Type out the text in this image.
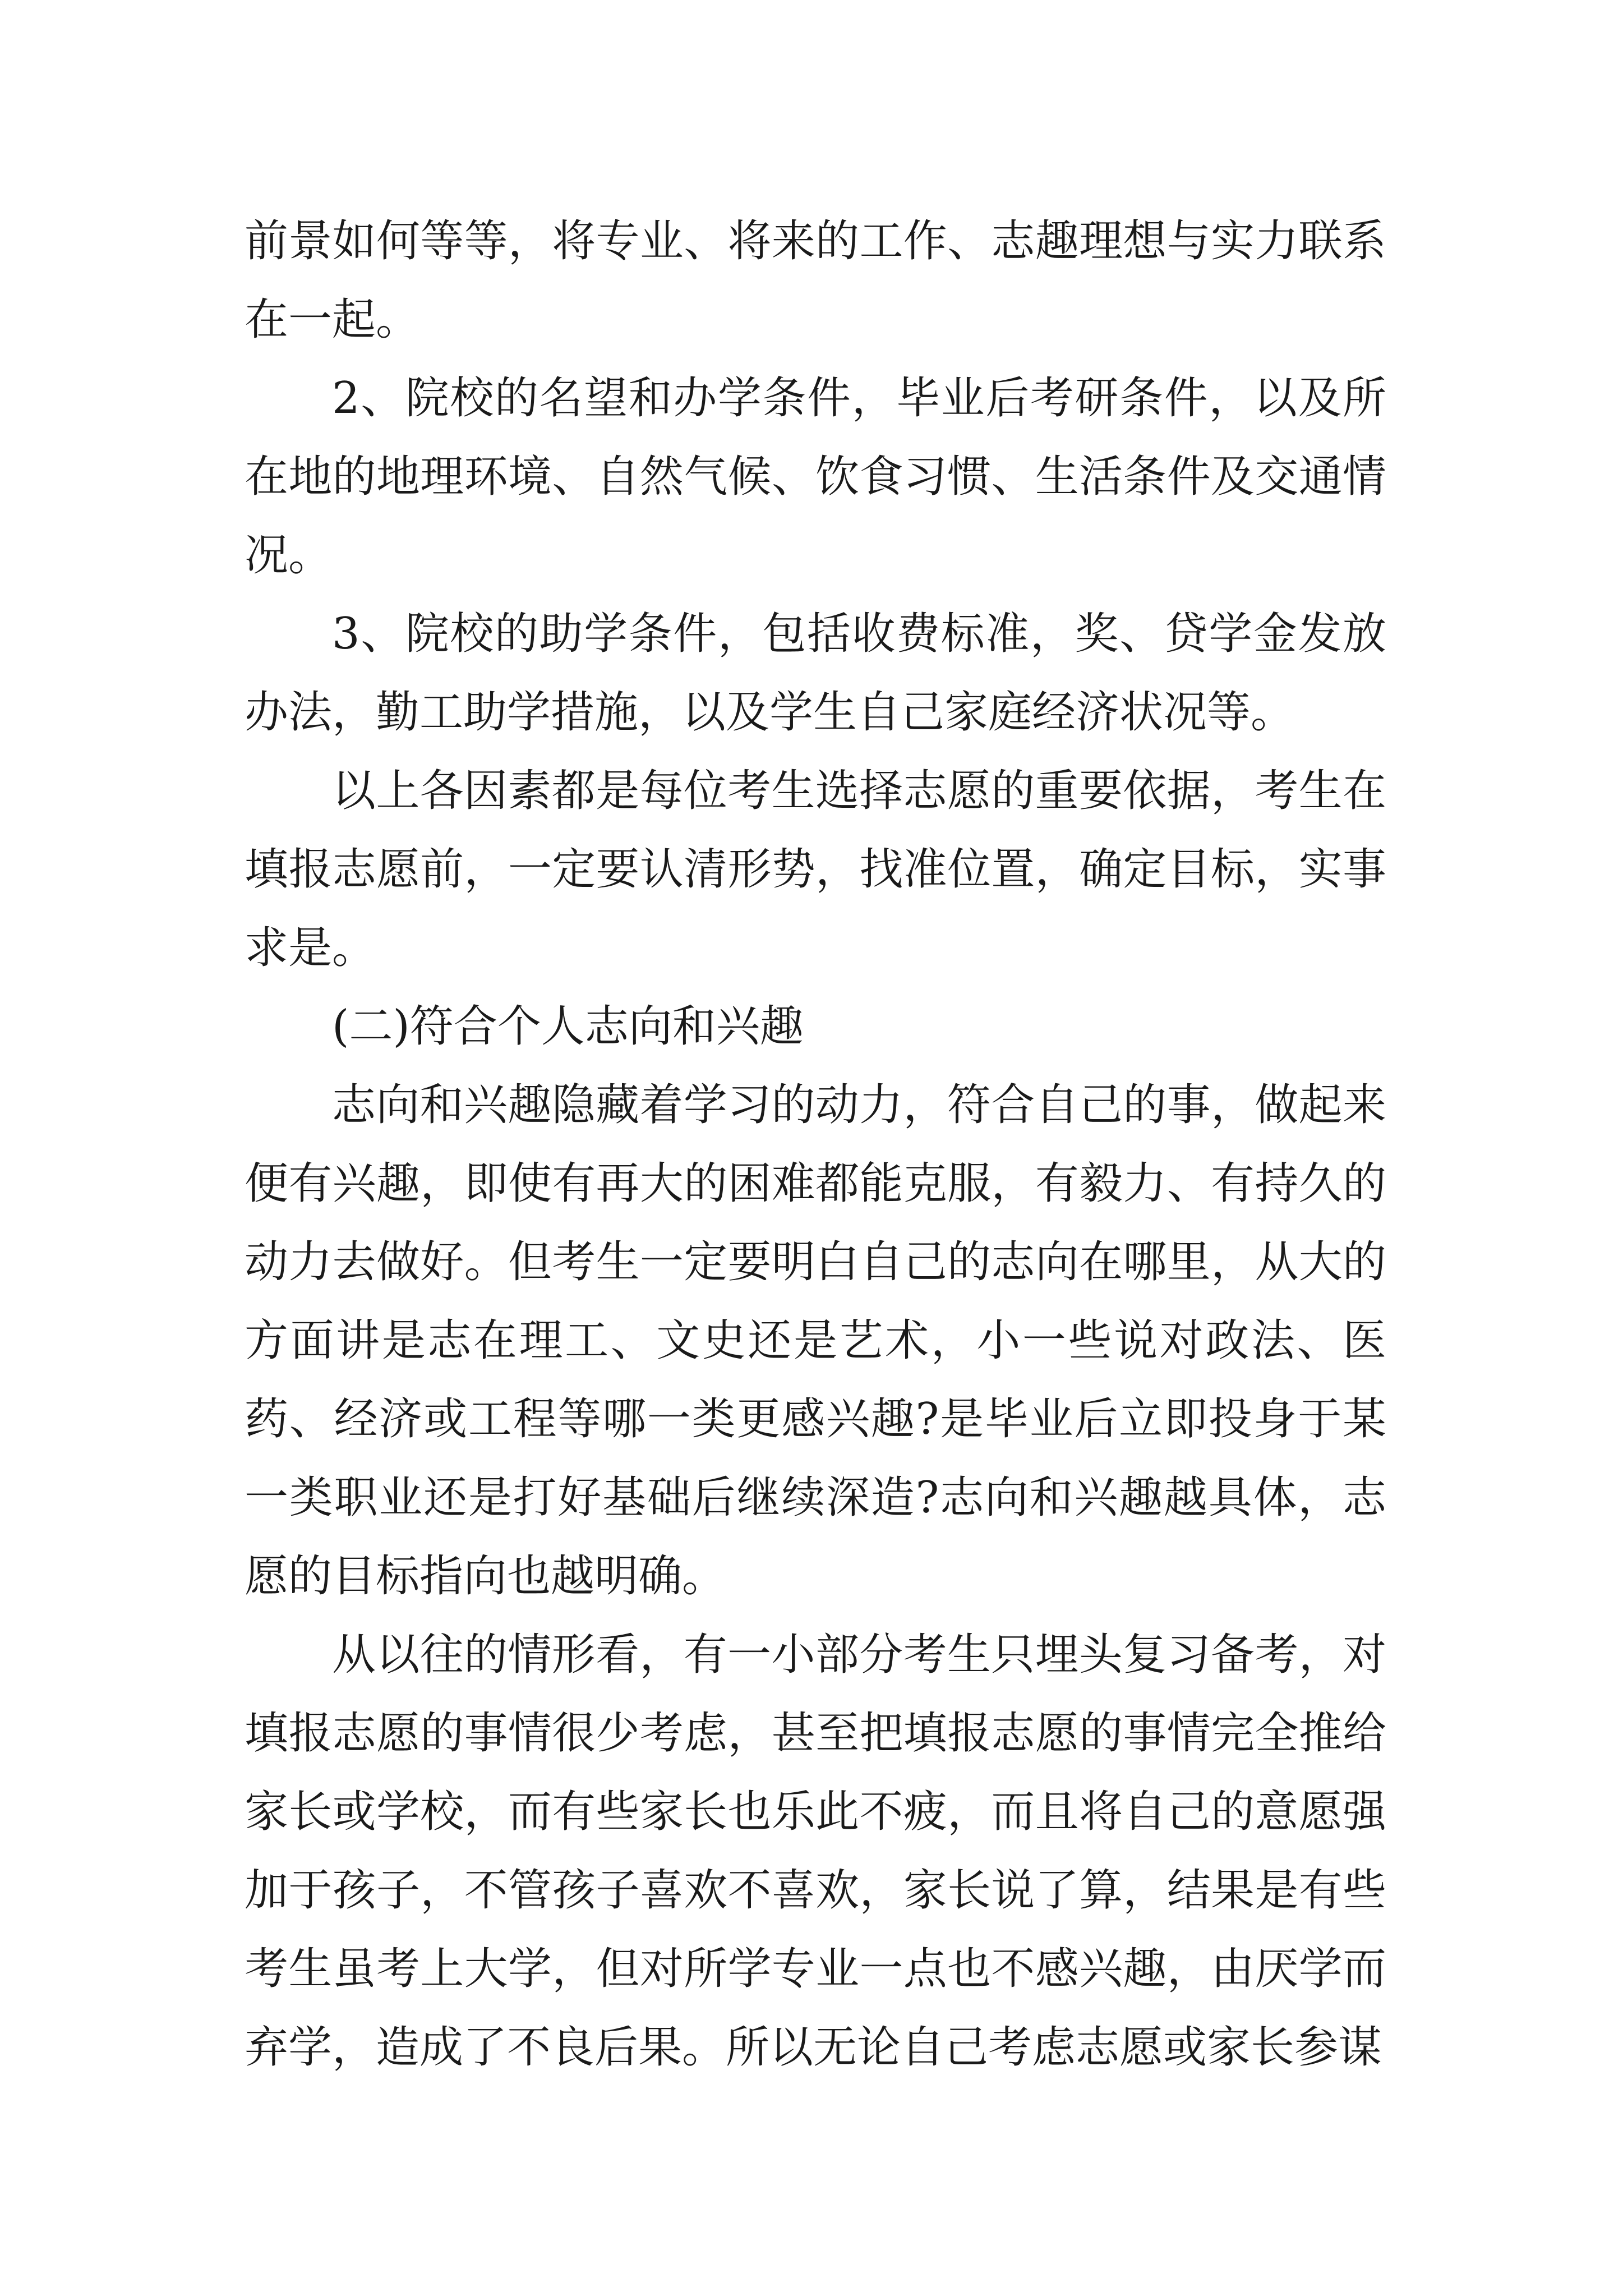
前景如何等等，将专业、将来的工作、志趣理想与实力联系在一起。

2、院校的名望和办学条件，毕业后考研条件，以及所在地的地理环境、自然气候、饮食习惯、生活条件及交通情况。

3、院校的助学条件，包括收费标准，奖、贷学金发放办法，勤工助学措施，以及学生自己家庭经济状况等。

以上各因素都是每位考生选择志愿的重要依据，考生在填报志愿前，一定要认清形势，找准位置，确定目标，实事求是。

(二)符合个人志向和兴趣

志向和兴趣隐藏着学习的动力，符合自己的事，做起来便有兴趣，即使有再大的困难都能克服，有毅力、有持久的动力去做好。但考生一定要明白自己的志向在哪里，从大的方面讲是志在理工、文史还是艺术，小一些说对政法、医药、经济或工程等哪一类更感兴趣?是毕业后立即投身于某一类职业还是打好基础后继续深造?志向和兴趣越具体，志愿的目标指向也越明确。

从以往的情形看，有一小部分考生只埋头复习备考，对填报志愿的事情很少考虑，甚至把填报志愿的事情完全推给家长或学校，而有些家长也乐此不疲，而且将自己的意愿强加于孩子，不管孩子喜欢不喜欢，家长说了算，结果是有些考生虽考上大学，但对所学专业一点也不感兴趣，由厌学而弃学，造成了不良后果。所以无论自己考虑志愿或家长参谋
